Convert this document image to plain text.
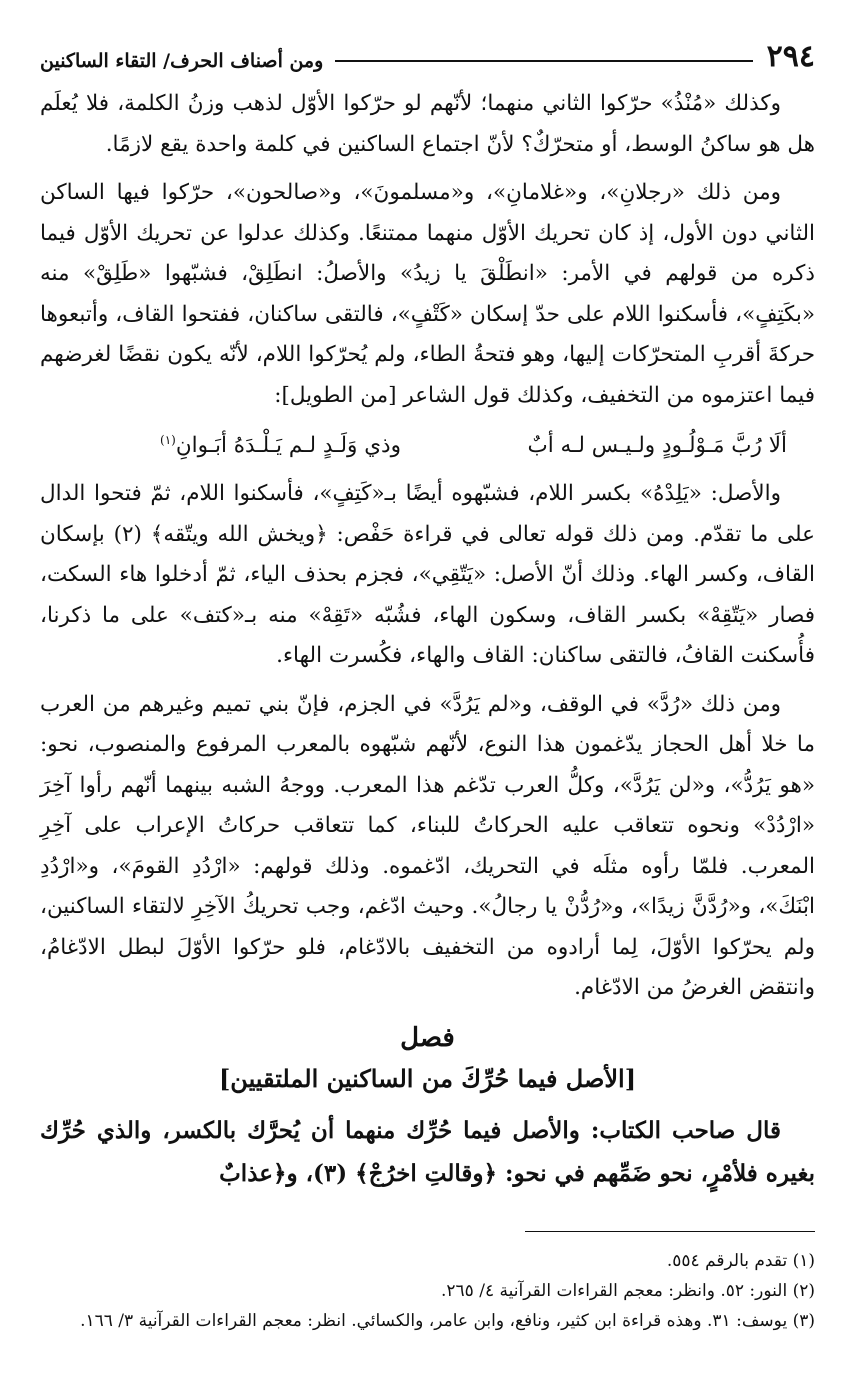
٢٩٤
ومن أصناف الحرف/ التقاء الساكنين

وكذلك «مُنْذُ» حرّكوا الثاني منهما؛ لأنّهم لو حرّكوا الأوّل لذهب وزنُ الكلمة، فلا يُعلَم هل هو ساكنُ الوسط، أو متحرّكٌ؟ لأنّ اجتماع الساكنين في كلمة واحدة يقع لازمًا.

ومن ذلك «رجلانِ»، و«غلامانِ»، و«مسلمونَ»، و«صالحون»، حرّكوا فيها الساكن الثاني دون الأول، إذ كان تحريك الأوّل منهما ممتنعًا. وكذلك عدلوا عن تحريك الأوّل فيما ذكره من قولهم في الأمر: «انطَلْقَ يا زيدُ» والأصلُ: انطَلِقْ، فشبّهوا «طَلِقْ» منه «بكَتِفٍ»، فأسكنوا اللام على حدّ إسكان «كَتْفٍ»، فالتقى ساكنان، ففتحوا القاف، وأتبعوها حركةَ أقربِ المتحرّكات إليها، وهو فتحةُ الطاء، ولم يُحرّكوا اللام، لأنّه يكون نقضًا لغرضهم فيما اعتزموه من التخفيف، وكذلك قول الشاعر [من الطويل]:

ألَا رُبَّ مَـوْلُـودٍ ولـيـس لـه أبٌ
وذي وَلَـدٍ لـم يَـلْـدَهُ أبَـوانِ$^{(١)}$

والأصل: «يَلِدْهُ» بكسر اللام، فشبّهوه أيضًا بـ«كَتِفٍ»، فأسكنوا اللام، ثمّ فتحوا الدال على ما تقدّم. ومن ذلك قوله تعالى في قراءة حَفْص: ﴿ويخش الله ويتّقه﴾ (٢) بإسكان القاف، وكسر الهاء. وذلك أنّ الأصل: «يَتّقِي»، فجزم بحذف الياء، ثمّ أدخلوا هاء السكت، فصار «يَتّقِهْ» بكسر القاف، وسكون الهاء، فشُبّه «تَقِهْ» منه بـ«كتف» على ما ذكرنا، فأُسكنت القافُ، فالتقى ساكنان: القاف والهاء، فكُسرت الهاء.

ومن ذلك «رُدَّ» في الوقف، و«لم يَرُدَّ» في الجزم، فإنّ بني تميم وغيرهم من العرب ما خلا أهل الحجاز يدّغمون هذا النوع، لأنّهم شبّهوه بالمعرب المرفوع والمنصوب، نحو: «هو يَرُدُّ»، و«لن يَرُدَّ»، وكلُّ العرب تدّغم هذا المعرب. ووجهُ الشبه بينهما أنّهم رأوا آخِرَ «ارْدُدْ» ونحوه تتعاقب عليه الحركاتُ للبناء، كما تتعاقب حركاتُ الإعراب على آخِرِ المعرب. فلمّا رأوه مثلَه في التحريك، ادّغموه. وذلك قولهم: «ارْدُدِ القومَ»، و«ارْدُدِ ابْنَكَ»، و«رُدَّنَّ زيدًا»، و«رُدُّنْ يا رجالُ». وحيث ادّغم، وجب تحريكُ الآخِرِ لالتقاء الساكنين، ولم يحرّكوا الأوّلَ، لِما أرادوه من التخفيف بالادّغام، فلو حرّكوا الأوّلَ لبطل الادّغامُ، وانتقض الغرضُ من الادّغام.

فصل
[الأصل فيما حُرِّكَ من الساكنين الملتقيين]

قال صاحب الكتاب: والأصل فيما حُرِّك منهما أن يُحرَّك بالكسر، والذي حُرِّك بغيره فلأمْرٍ، نحو ضَمِّهم في نحو: ﴿وقالتِ اخرُجْ﴾ (٣)، و﴿عذابٌ

(١) تقدم بالرقم ٥٥٤.
(٢) النور: ٥٢. وانظر: معجم القراءات القرآنية ٤/ ٢٦٥.
(٣) يوسف: ٣١. وهذه قراءة ابن كثير، ونافع، وابن عامر، والكسائي. انظر: معجم القراءات القرآنية ٣/ ١٦٦.
